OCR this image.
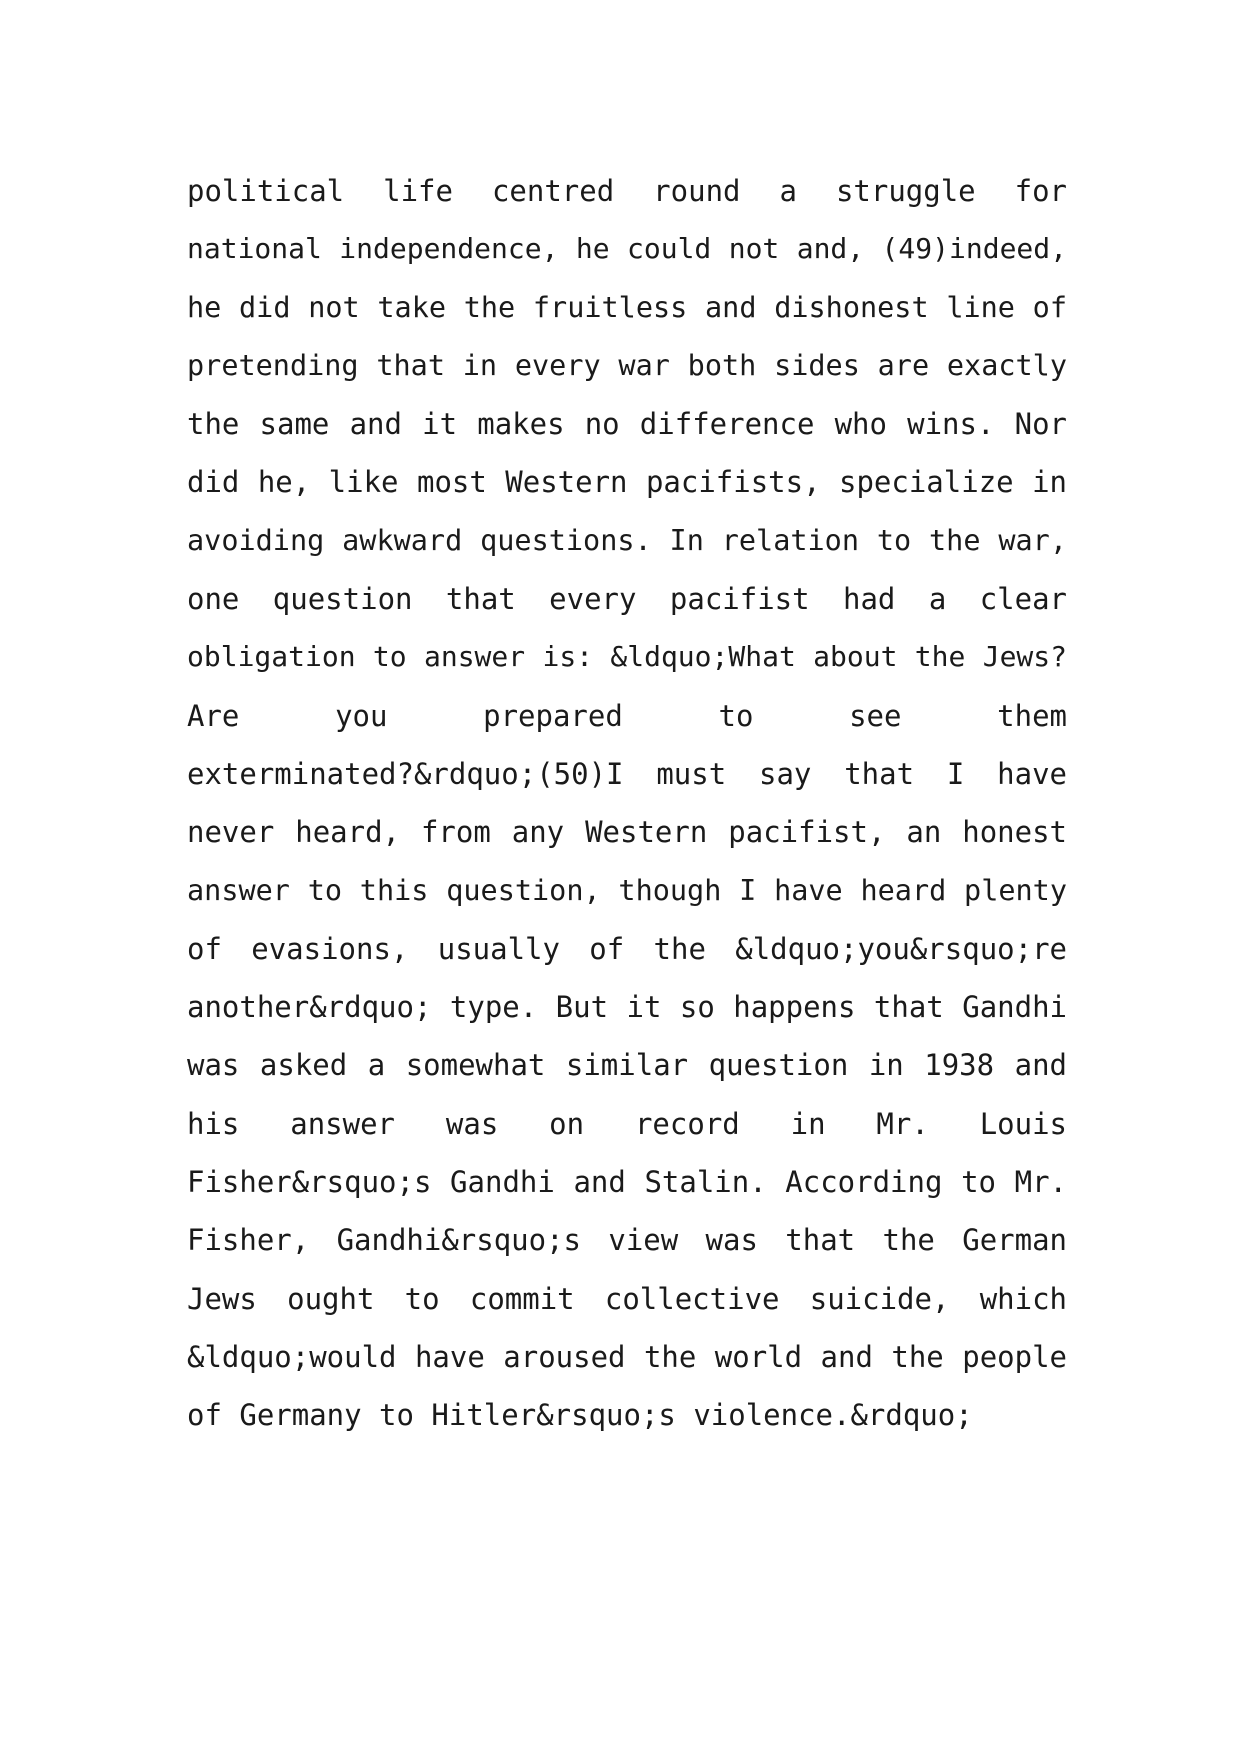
political life centred round a struggle for
national independence, he could not and, (49)indeed,
he did not take the fruitless and dishonest line of
pretending that in every war both sides are exactly
the same and it makes no difference who wins. Nor
did he, like most Western pacifists, specialize in
avoiding awkward questions. In relation to the war,
one question that every pacifist had a clear
obligation to answer is: &ldquo;What about the Jews?
Are you prepared to see them
exterminated?&rdquo;(50)I must say that I have
never heard, from any Western pacifist, an honest
answer to this question, though I have heard plenty
of evasions, usually of the &ldquo;you&rsquo;re
another&rdquo; type. But it so happens that Gandhi
was asked a somewhat similar question in 1938 and
his answer was on record in Mr. Louis
Fisher&rsquo;s Gandhi and Stalin. According to Mr.
Fisher, Gandhi&rsquo;s view was that the German
Jews ought to commit collective suicide, which
&ldquo;would have aroused the world and the people
of Germany to Hitler&rsquo;s violence.&rdquo;
